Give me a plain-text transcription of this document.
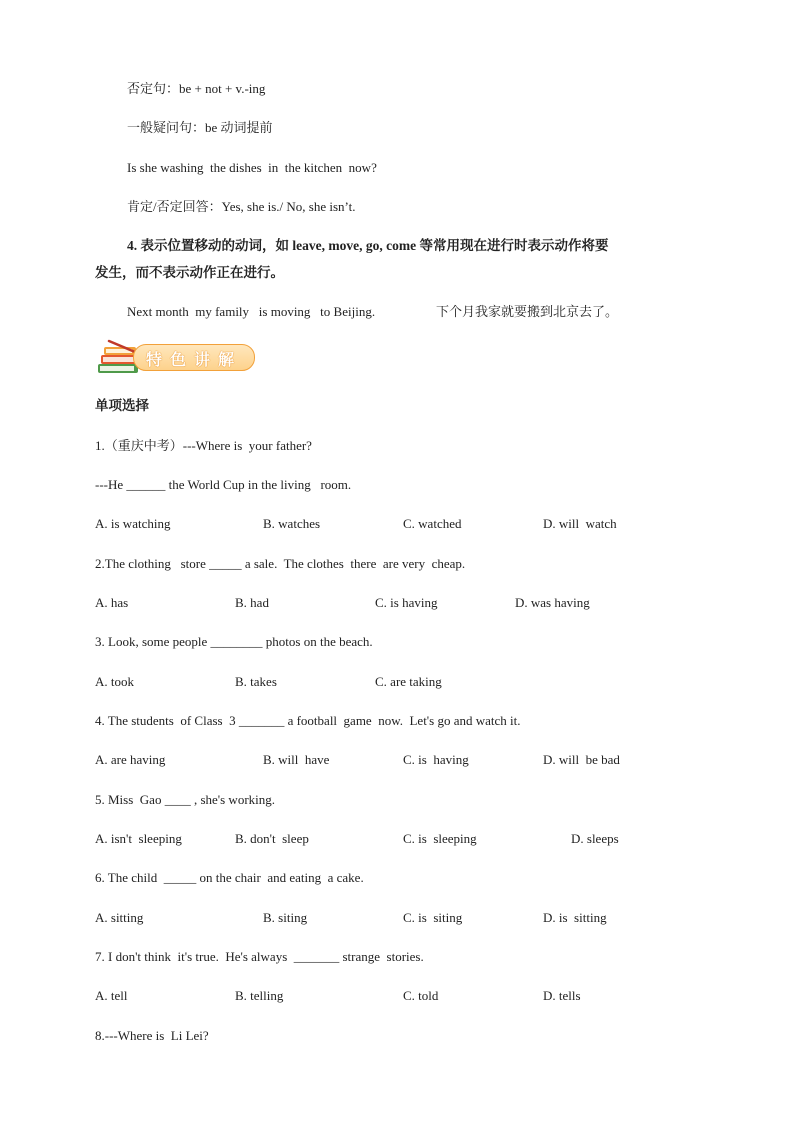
否定句：be + not + v.-ing
一般疑问句：be 动词提前
Is she washing  the dishes  in  the kitchen  now?
肯定/否定回答：Yes, she is./ No, she isn’t.
4. 表示位置移动的动词，如 leave, move, go, come 等常用现在进行时表示动作将要
发生，而不表示动作正在进行。
Next month  my family   is moving   to Beijing.	下个月我家就要搬到北京去了。
特色讲解
单项选择
1.（重庆中考）---Where is  your father?
---He ______ the World Cup in the living   room.
A. is watching	B. watches	C. watched	D. will  watch
2.The clothing   store _____ a sale.  The clothes  there  are very  cheap.
A. has	B. had	C. is having	D. was having
3. Look, some people ________ photos on the beach.
A. took	B. takes	C. are taking
4. The students  of Class  3 _______ a football  game  now.  Let's go and watch it.
A. are having	B. will  have	C. is  having	D. will  be bad
5. Miss  Gao ____ , she's working.
A. isn't  sleeping	B. don't  sleep	C. is  sleeping	D. sleeps
6. The child  _____ on the chair  and eating  a cake.
A. sitting	B. siting	C. is  siting	D. is  sitting
7. I don't think  it's true.  He's always  _______ strange  stories.
A. tell	B. telling	C. told	D. tells
8.---Where is  Li Lei?
